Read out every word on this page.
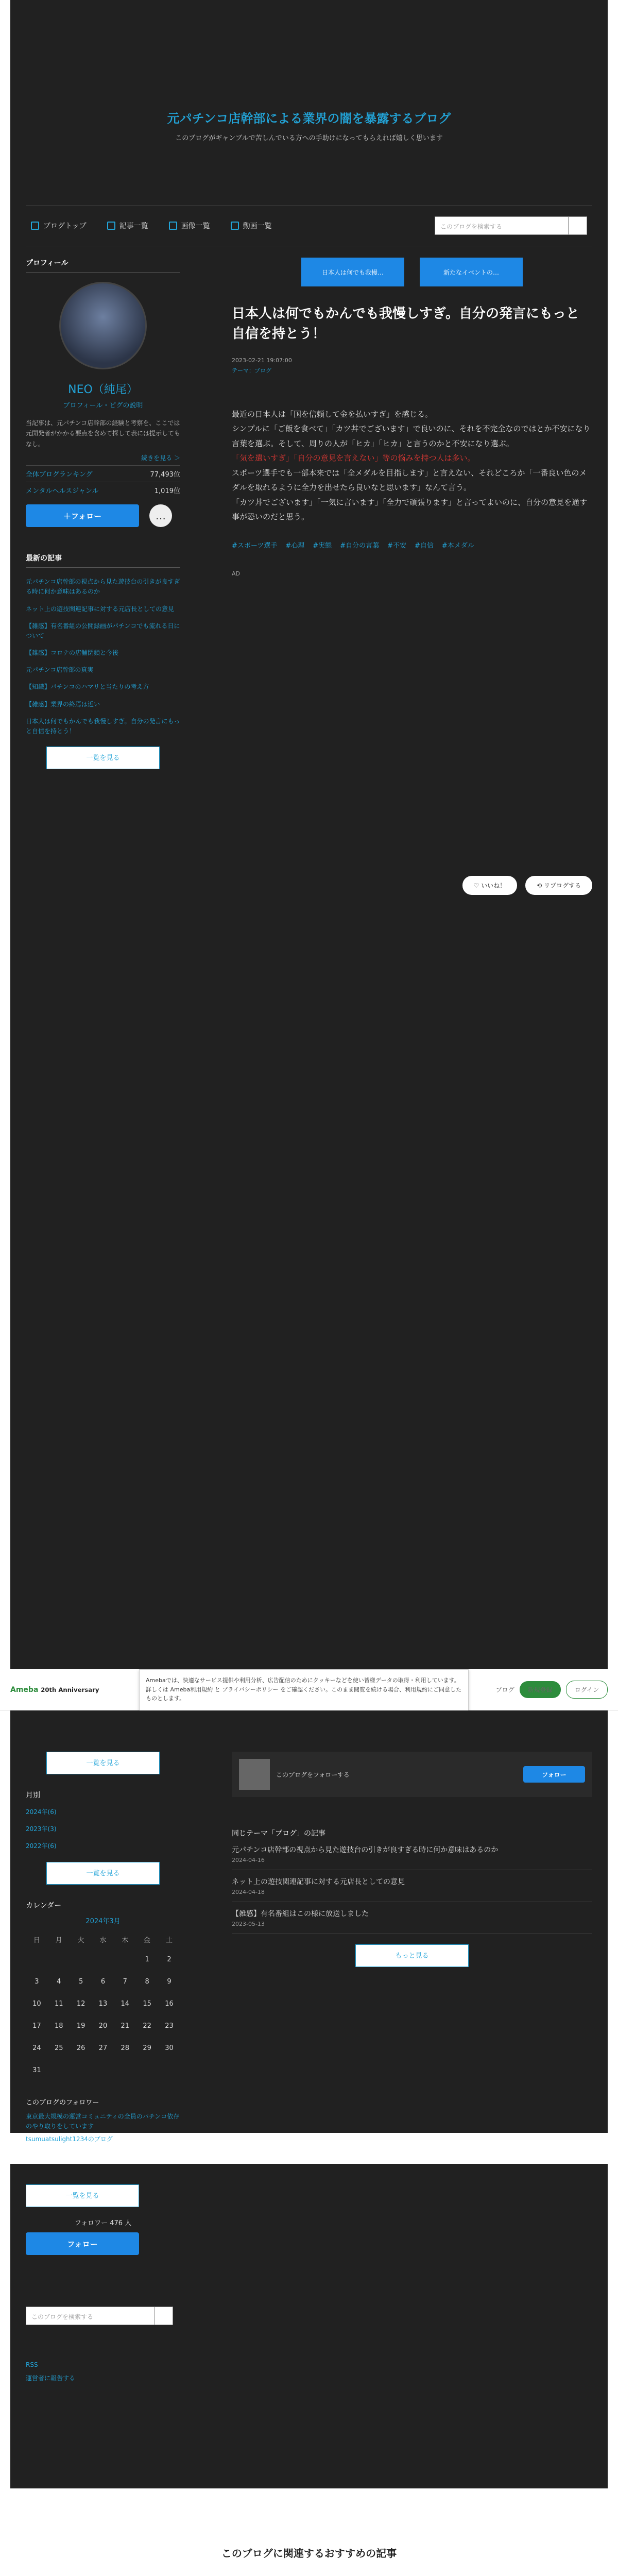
元パチンコ店幹部による業界の闇を暴露するブログ
このブログがギャンブルで苦しんでいる方への手助けになってもらえれば嬉しく思います
ブログトップ	記事一覧	画像一覧	動画一覧	このブログを検索する
プロフィール
NEO（純尾）
ブロフィール・ピグの説明
当記事は、元パチンコ店幹部の経験と考察を、ここでは元開発者がかかる要点を含めて探して表には提示してもなし。
続きを見る ＞
全体ブログランキング	77,493位
メンタルヘルスジャンル	1,019位
＋フォロー	…
最新の記事
元パチンコ店幹部の視点から見た遊技台の引きが良すぎる時に何か意味はあるのか
ネット上の遊技関連記事に対する元店長としての意見
【雑感】有名番組の公開録画がパチンコでも流れる日について
【雑感】コロナの店舗閉鎖と今後
元パチンコ店幹部の真実
【知識】パチンコのハマリと当たりの考え方
【雑感】業界の終焉は近い
日本人は何でもかんでも我慢しすぎ。自分の発言にもっと自信を持とう！
一覧を見る
日本人は何でも我慢…	新たなイベントの…
日本人は何でもかんでも我慢しすぎ。自分の発言にもっと自信を持とう！
2023-02-21 19:07:00
テーマ：ブログ

最近の日本人は「国を信頼して金を払いすぎ」を感じる。

シンプルに「ご飯を食べて」「カツ丼でございます」で良いのに、それを不完全なのではとか不安になり言葉を選ぶ。そして、周りの人が「ヒカ」「ヒカ」と言うのかと不安になり選ぶ。

「気を遣いすぎ」「自分の意見を言えない」等の悩みを持つ人は多い。

スポーツ選手でも一部本来では「全メダルを目指します」と言えない、それどころか「一番良い色のメダルを取れるように全力を出せたら良いなと思います」なんて言う。

「カツ丼でございます」「一気に言います」「全力で頑張ります」と言ってよいのに、自分の意見を通す事が恐いのだと思う。

#スポーツ選手 #心理 #実態 #自分の言葉 #不安 #自信 #本メダル
AD
♡ いいね！	⟲ リブログする
Ameba 20th Anniversary
Amebaでは、快適なサービス提供や利用分析、広告配信のためにクッキーなどを使い皆様データの取得・利用しています。詳しくは Ameba利用規約 と プライバシーポリシー をご確認ください。このまま閲覧を続ける場合、利用規約にご同意したものとします。
ブログ	新規登録	ログイン
一覧を見る
月別
2024年(6)
2023年(3)
2022年(6)
一覧を見る
カレンダー
2024年3月
日	月	火	水	木	金	土
					1	2
3	4	5	6	7	8	9
10	11	12	13	14	15	16
17	18	19	20	21	22	23
24	25	26	27	28	29	30
31						
このブログのフォロワー
東京最大規模の運営コミュニティの全員のパチンコ依存のやり取りをしています
tsumuatsulight1234のブログ
このブログをフォローする	フォロー
同じテーマ「ブログ」の記事
元パチンコ店幹部の視点から見た遊技台の引きが良すぎる時に何か意味はあるのか
2024-04-16
ネット上の遊技関連記事に対する元店長としての意見
2024-04-18
【雑感】有名番組はこの様に放送しました
2023-05-13
もっと見る
一覧を見る
フォロワー 476 人
フォロー
このブログを検索する
RSS
運営者に報告する
このブログに関連するおすすめの記事
